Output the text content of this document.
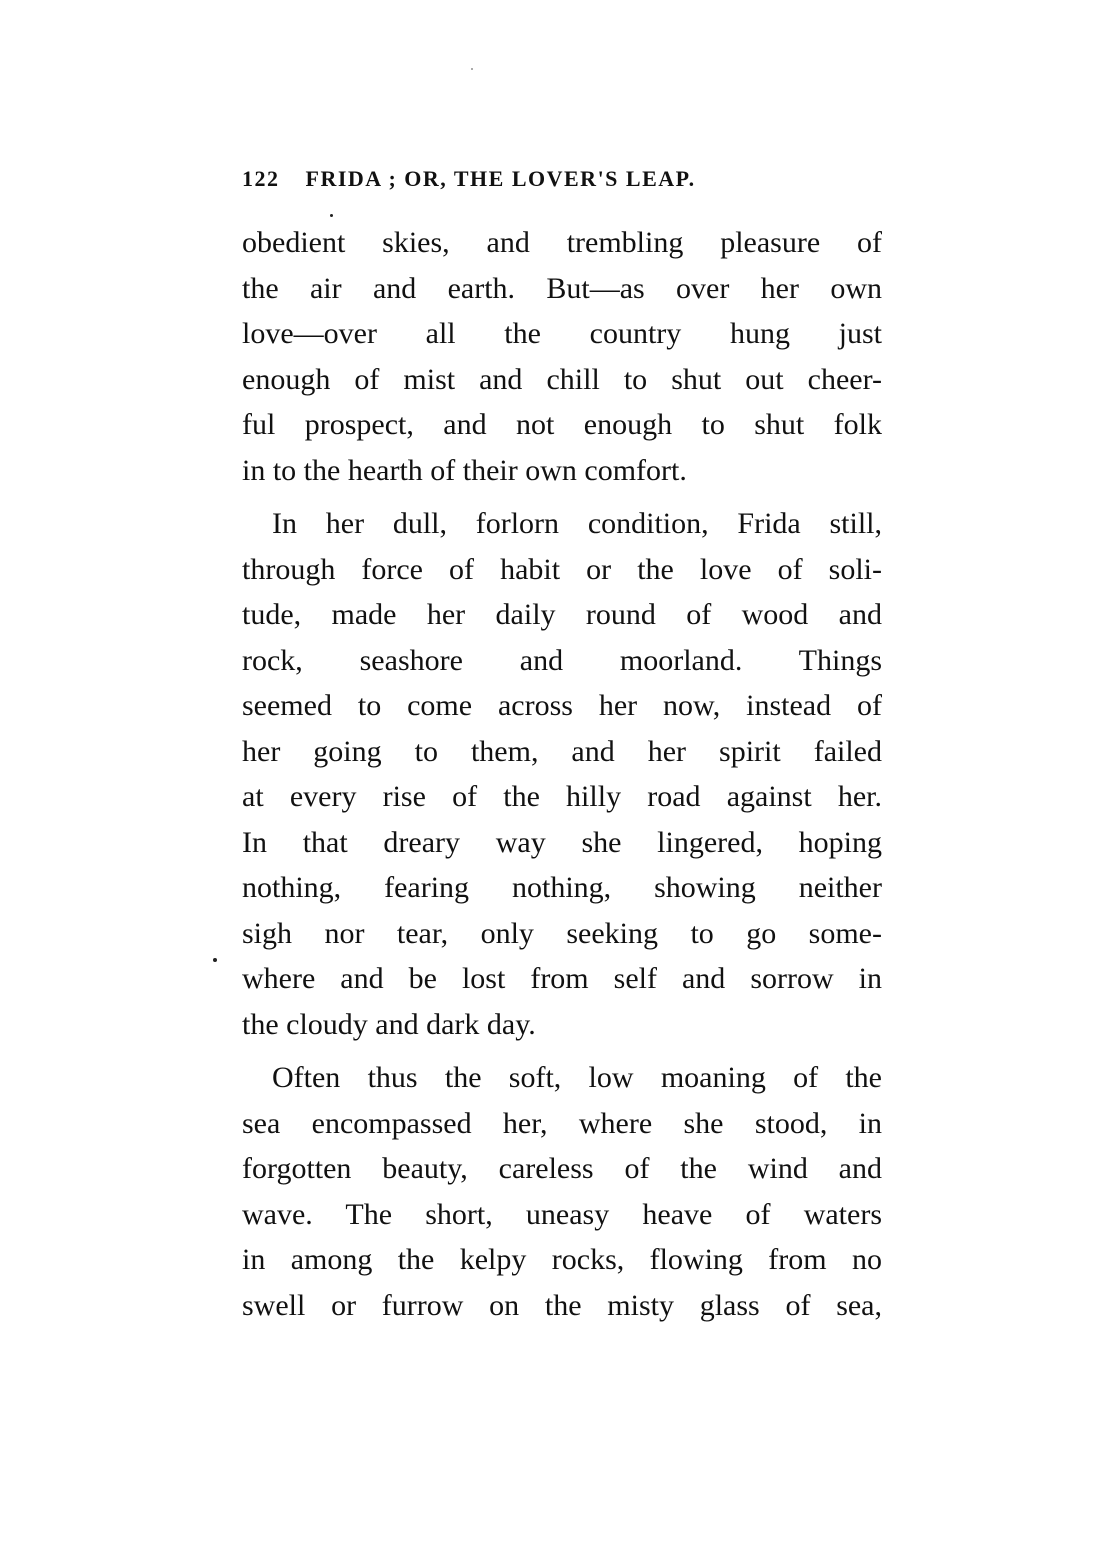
122 FRIDA ; OR, THE LOVER'S LEAP.
obedient skies, and trembling pleasure of
the air and earth. But—as over her own
love—over all the country hung just
enough of mist and chill to shut out cheer-
ful prospect, and not enough to shut folk
in to the hearth of their own comfort.
In her dull, forlorn condition, Frida still,
through force of habit or the love of soli-
tude, made her daily round of wood and
rock, seashore and moorland. Things
seemed to come across her now, instead of
her going to them, and her spirit failed
at every rise of the hilly road against her.
In that dreary way she lingered, hoping
nothing, fearing nothing, showing neither
sigh nor tear, only seeking to go some-
where and be lost from self and sorrow in
the cloudy and dark day.
Often thus the soft, low moaning of the
sea encompassed her, where she stood, in
forgotten beauty, careless of the wind and
wave. The short, uneasy heave of waters
in among the kelpy rocks, flowing from no
swell or furrow on the misty glass of sea,
